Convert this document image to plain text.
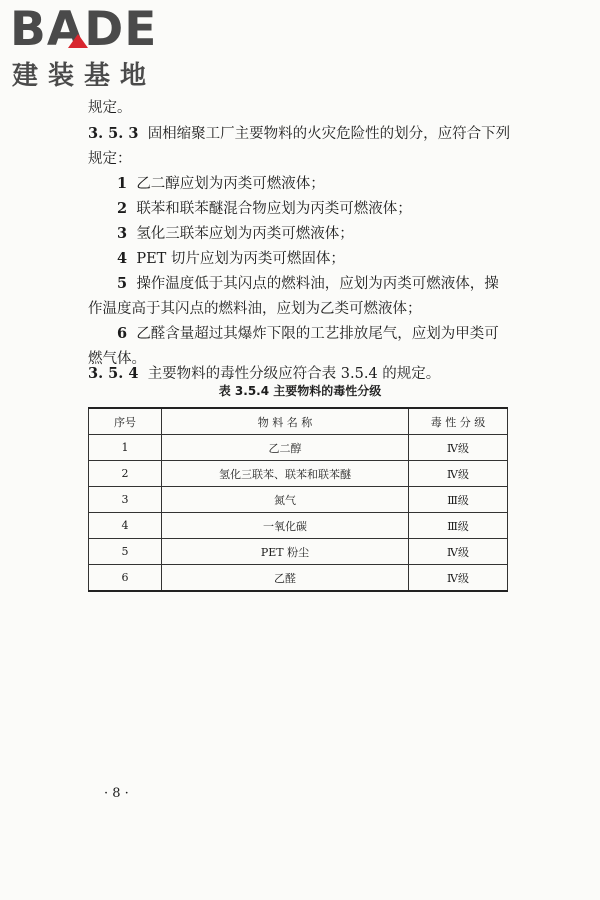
BADE
建装基地
规定。
3. 5. 3 固相缩聚工厂主要物料的火灾危险性的划分，应符合下列
规定：
1 乙二醇应划为丙类可燃液体；
2 联苯和联苯醚混合物应划为丙类可燃液体；
3 氢化三联苯应划为丙类可燃液体；
4 PET 切片应划为丙类可燃固体；
5 操作温度低于其闪点的燃料油，应划为丙类可燃液体，操
作温度高于其闪点的燃料油，应划为乙类可燃液体；
6 乙醛含量超过其爆炸下限的工艺排放尾气，应划为甲类可
燃气体。
3. 5. 4 主要物料的毒性分级应符合表 3.5.4 的规定。
表 3.5.4 主要物料的毒性分级
序号	物 料 名 称	毒 性 分 级
1	乙二醇	Ⅳ级
2	氢化三联苯、联苯和联苯醚	Ⅳ级
3	氮气	Ⅲ级
4	一氧化碳	Ⅲ级
5	PET 粉尘	Ⅳ级
6	乙醛	Ⅳ级
· 8 ·
